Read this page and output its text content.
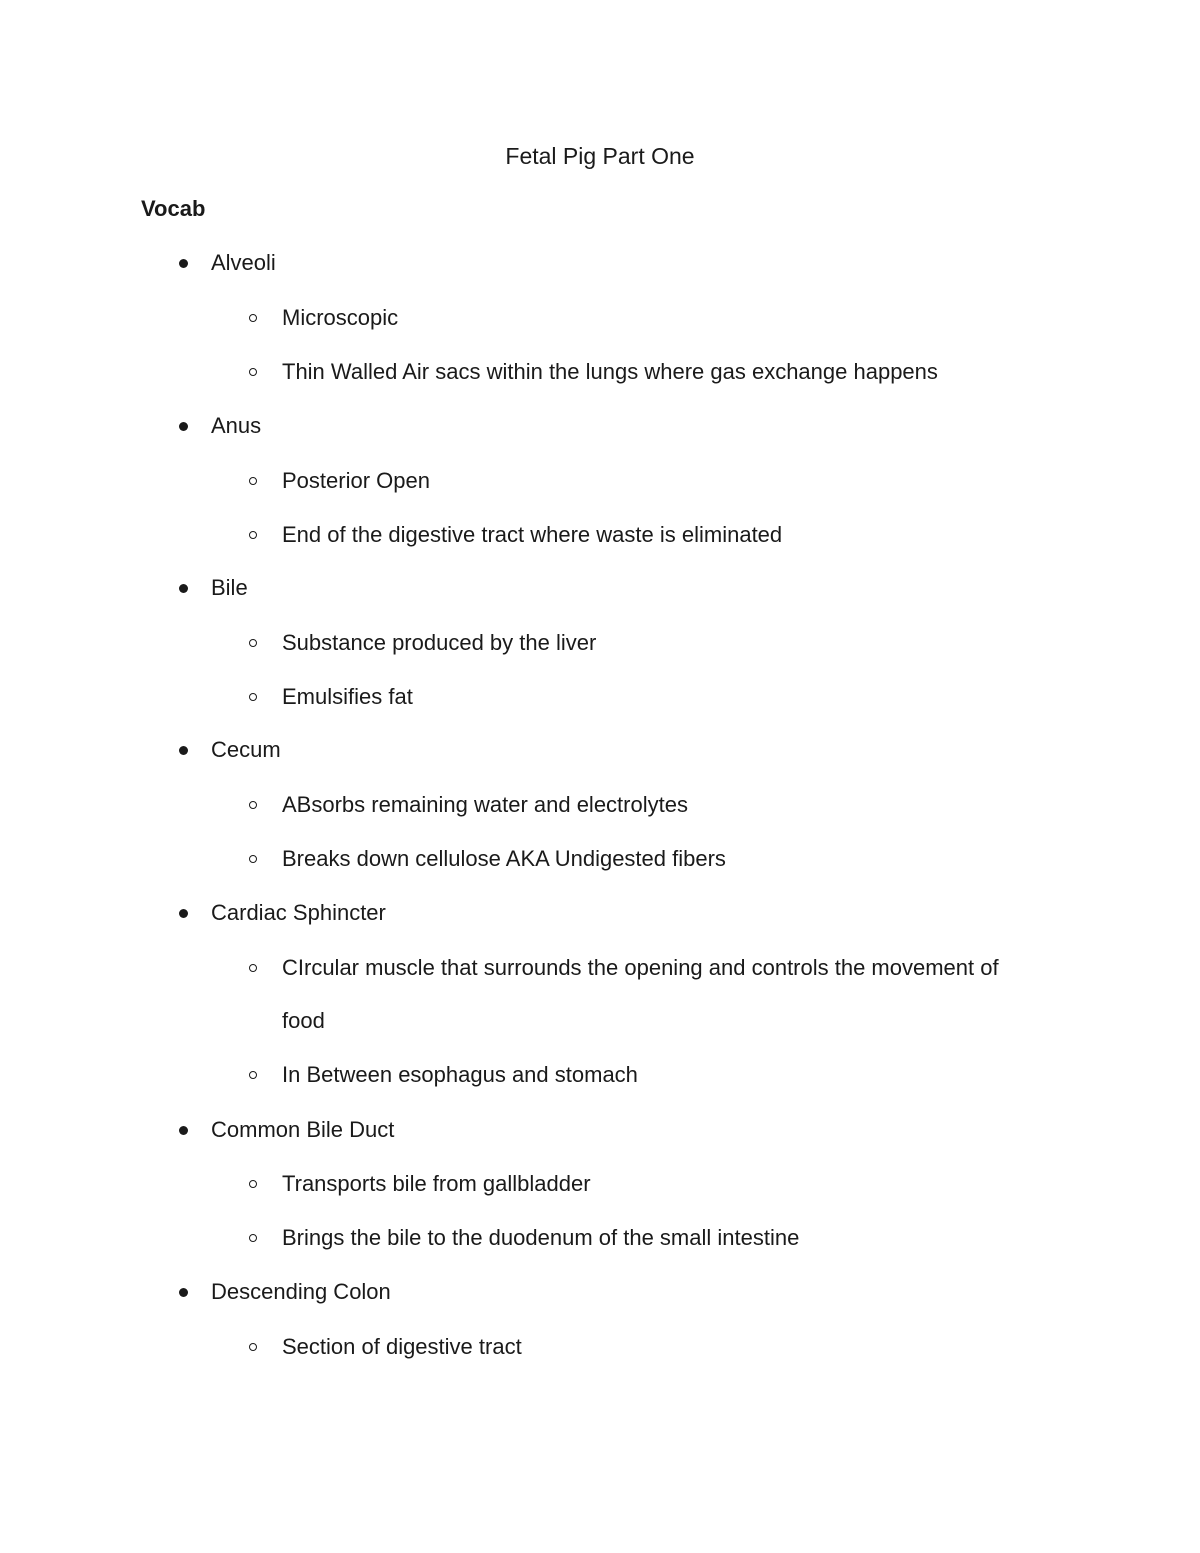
Fetal Pig Part One
Vocab
Alveoli
Microscopic
Thin Walled Air sacs within the lungs where gas exchange happens
Anus
Posterior Open
End of the digestive tract where waste is eliminated
Bile
Substance produced by the liver
Emulsifies fat
Cecum
ABsorbs remaining water and electrolytes
Breaks down cellulose AKA Undigested fibers
Cardiac Sphincter
CIrcular muscle that surrounds the opening and controls the movement of
food
In Between esophagus and stomach
Common Bile Duct
Transports bile from gallbladder
Brings the bile to the duodenum of the small intestine
Descending Colon
Section of digestive tract
